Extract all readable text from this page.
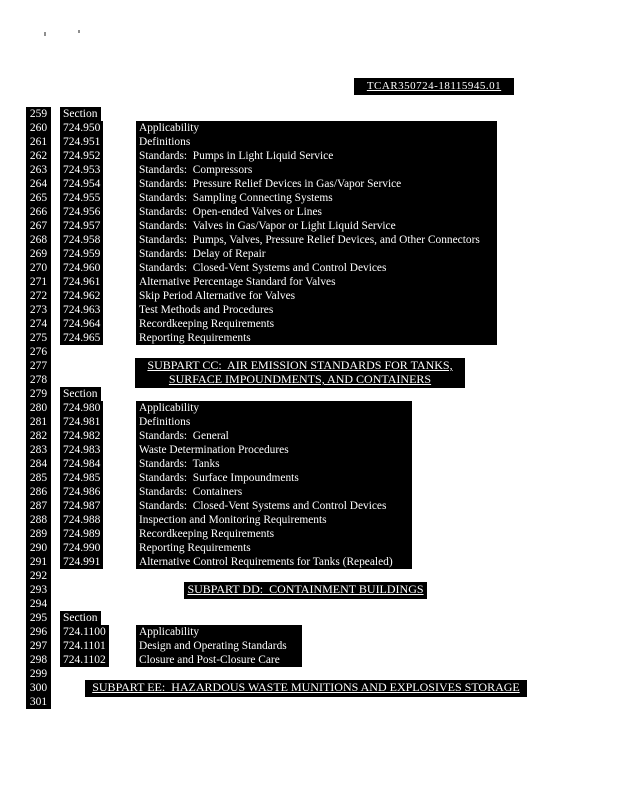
TCAR350724-18115945.01
259	Section
260	724.950	Applicability
261	724.951	Definitions
262	724.952	Standards:  Pumps in Light Liquid Service
263	724.953	Standards:  Compressors
264	724.954	Standards:  Pressure Relief Devices in Gas/Vapor Service
265	724.955	Standards:  Sampling Connecting Systems
266	724.956	Standards:  Open-ended Valves or Lines
267	724.957	Standards:  Valves in Gas/Vapor or Light Liquid Service
268	724.958	Standards:  Pumps, Valves, Pressure Relief Devices, and Other Connectors
269	724.959	Standards:  Delay of Repair
270	724.960	Standards:  Closed-Vent Systems and Control Devices
271	724.961	Alternative Percentage Standard for Valves
272	724.962	Skip Period Alternative for Valves
273	724.963	Test Methods and Procedures
274	724.964	Recordkeeping Requirements
275	724.965	Reporting Requirements
276
277
278
279	Section
280	724.980	Applicability
281	724.981	Definitions
282	724.982	Standards:  General
283	724.983	Waste Determination Procedures
284	724.984	Standards:  Tanks
285	724.985	Standards:  Surface Impoundments
286	724.986	Standards:  Containers
287	724.987	Standards:  Closed-Vent Systems and Control Devices
288	724.988	Inspection and Monitoring Requirements
289	724.989	Recordkeeping Requirements
290	724.990	Reporting Requirements
291	724.991	Alternative Control Requirements for Tanks (Repealed)
292
293
294
295	Section
296	724.1100	Applicability
297	724.1101	Design and Operating Standards
298	724.1102	Closure and Post-Closure Care
299
300
301
SUBPART CC:  AIR EMISSION STANDARDS FOR TANKS,
SURFACE IMPOUNDMENTS, AND CONTAINERS
SUBPART DD:  CONTAINMENT BUILDINGS
SUBPART EE:  HAZARDOUS WASTE MUNITIONS AND EXPLOSIVES STORAGE
